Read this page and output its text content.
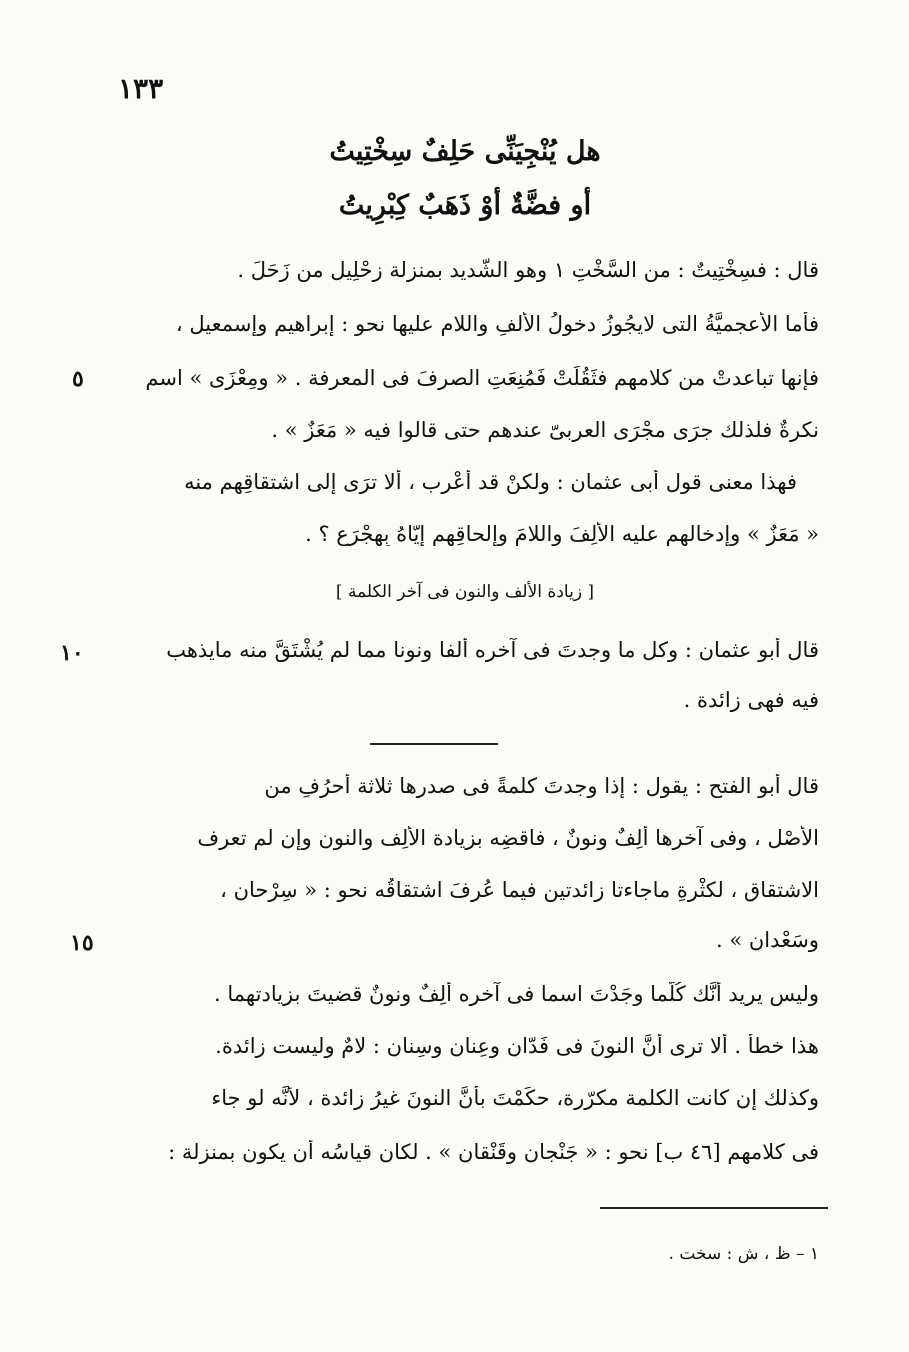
١٣٣
هل يُنْجِيَنِّى حَلِفٌ سِخْتِيتُ
أو فضَّةٌ أوْ ذَهَبٌ كِبْرِيتُ
قال : فسِخْتِيتٌ : من السَّخْتِ ١ وهو الشَّديد بمنزلة زِحْلِيلٍ من زَحَلَ .
فأما الأعجميَّةُ التى لايجُوزُ دخولُ الألفِ واللام عليها نحو : إبراهيم وإسمعيل ،
فإنها تباعدتْ من كلامهم فثَقُلَتْ فَمُنِعَتِ الصرفَ فى المعرفة . « ومِعْزَى » اسم
٥
نكرةٌ فلذلك جرَى مجْرَى العربىّ عندهم حتى قالوا فيه « مَعَزٌ » .
فهذا معنى قول أبى عثمان : ولكنْ قد أُعْرِب ، ألا ترَى إلى اشتقاقِهم منه
« مَعَزٌ » وإدخالهم عليه الألِفَ واللامَ وإلحاقِهم إيّاهُ بِهِجْرَعٍ ؟ .
[ زيادة الألف والنون فى آخر الكلمة ]
قال أبو عثمان : وكل ما وجدتَ فى آخره ألفا ونونا مما لم يُشْتَقَّ منه مايذهب
١٠
فيه فهى زائدة .
قال أبو الفتح : يقول : إذا وجدتَ كلمةً فى صدرها ثلاثة أحرُفٍ من
الأصْلِ ، وفى آخرِها ألِفٌ ونونٌ ، فاقضِه بزيادة الألِف والنون وإن لم تعرف
الاشتقاق ، لكثْرةِ ماجاءتا زائدتين فيما عُرِفَ اشتقاقُه نحو : « سِرْحانٍ ،
وسَعْدانٍ » .
١٥
وليس يريد أنَّك كُلَّما وجَدْتَ اسما فى آخره ألِفٌ ونونٌ قضيتَ بزيادتهما .
هذا خطأ . ألا ترى أنَّ النونَ فى فَدّانٍ وعِنانٍ وسِنانٍ : لامٌ وليست زائدة.
وكذلك إن كانت الكلمة مكرّرة، حكَمْتَ بأنَّ النونَ غيرُ زائدة ، لأنَّه لو جاء
فى كلامهم [٤٦ ب] نحو : « جَنْجانٍ وقَنْقانٍ » . لكان قياسُه أن يكون بمنزلة :
١ – ظ ، ش : سخت .
